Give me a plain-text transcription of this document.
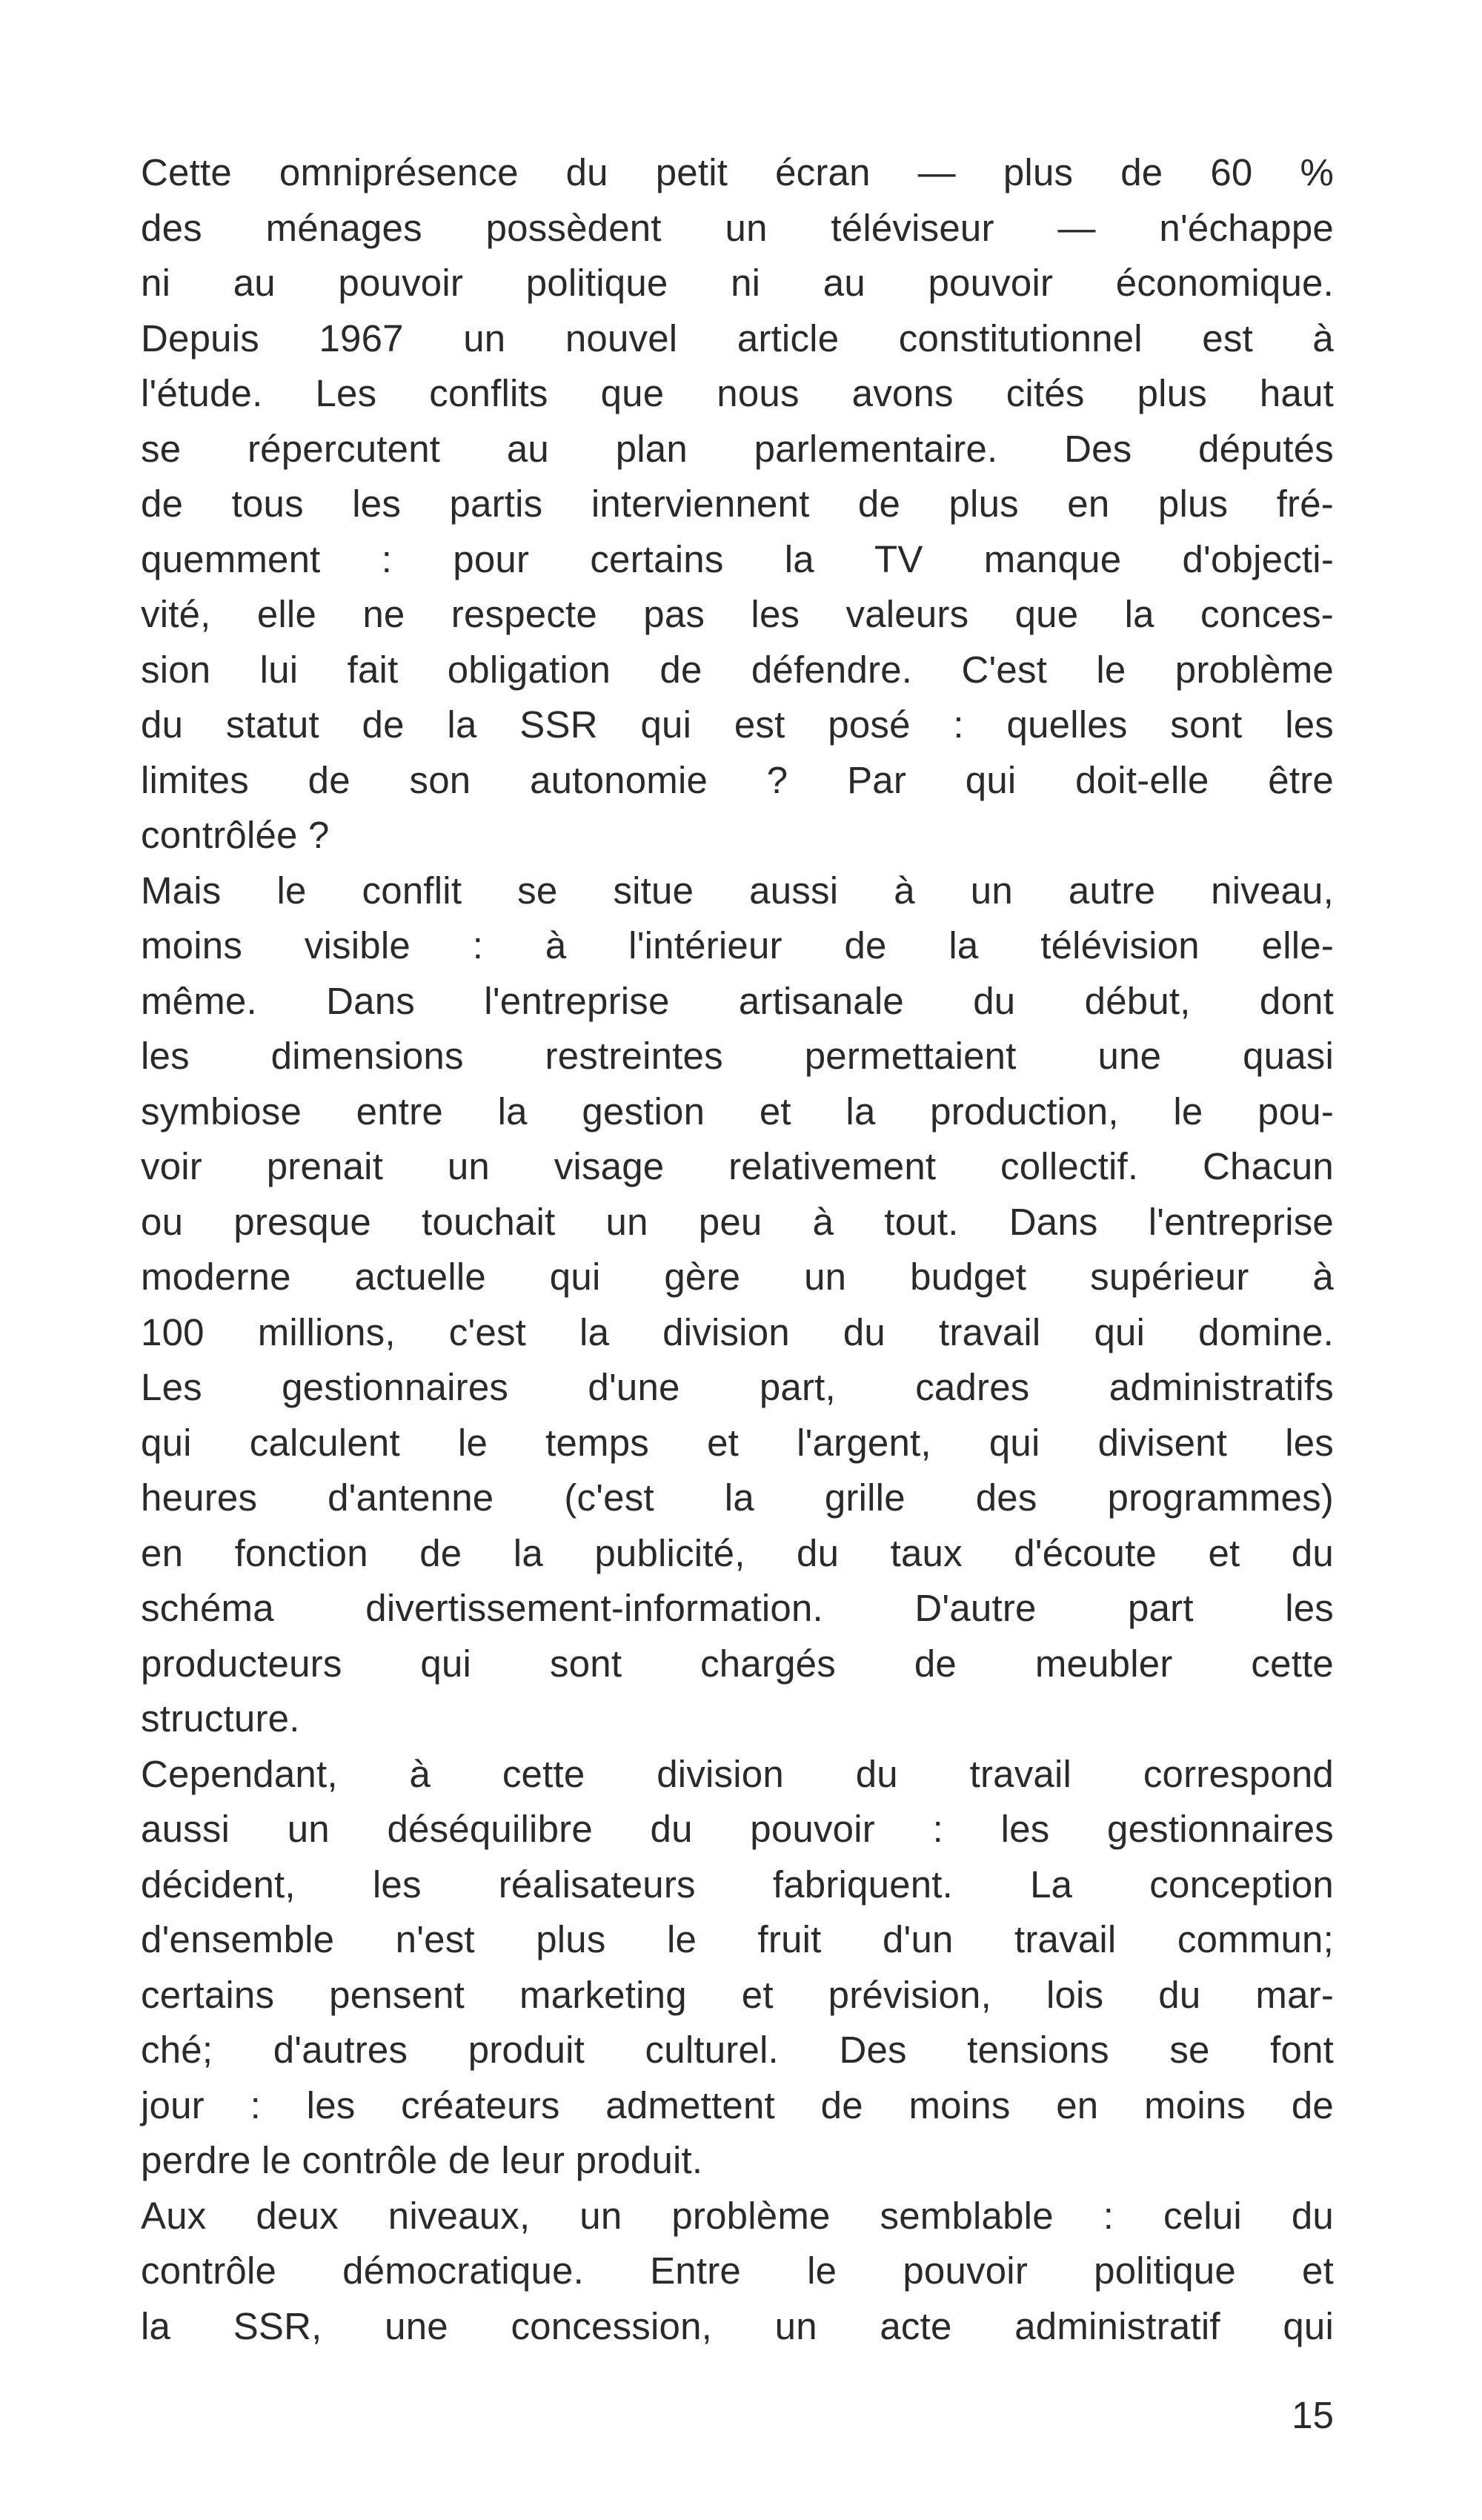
Cette omniprésence du petit écran — plus de 60 %
des ménages possèdent un téléviseur — n'échappe
ni au pouvoir politique ni au pouvoir économique.
Depuis 1967 un nouvel article constitutionnel est à
l'étude. Les conflits que nous avons cités plus haut
se répercutent au plan parlementaire. Des députés
de tous les partis interviennent de plus en plus fré-
quemment : pour certains la TV manque d'objecti-
vité, elle ne respecte pas les valeurs que la conces-
sion lui fait obligation de défendre. C'est le problème
du statut de la SSR qui est posé : quelles sont les
limites de son autonomie ? Par qui doit-elle être
contrôlée ?

Mais le conflit se situe aussi à un autre niveau,
moins visible : à l'intérieur de la télévision elle-
même. Dans l'entreprise artisanale du début, dont
les dimensions restreintes permettaient une quasi
symbiose entre la gestion et la production, le pou-
voir prenait un visage relativement collectif. Chacun
ou presque touchait un peu à tout. Dans l'entreprise
moderne actuelle qui gère un budget supérieur à
100 millions, c'est la division du travail qui domine.
Les gestionnaires d'une part, cadres administratifs
qui calculent le temps et l'argent, qui divisent les
heures d'antenne (c'est la grille des programmes)
en fonction de la publicité, du taux d'écoute et du
schéma divertissement-information. D'autre part les
producteurs qui sont chargés de meubler cette
structure.

Cependant, à cette division du travail correspond
aussi un déséquilibre du pouvoir : les gestionnaires
décident, les réalisateurs fabriquent. La conception
d'ensemble n'est plus le fruit d'un travail commun;
certains pensent marketing et prévision, lois du mar-
ché; d'autres produit culturel. Des tensions se font
jour : les créateurs admettent de moins en moins de
perdre le contrôle de leur produit.

Aux deux niveaux, un problème semblable : celui du
contrôle démocratique. Entre le pouvoir politique et
la SSR, une concession, un acte administratif qui

15
